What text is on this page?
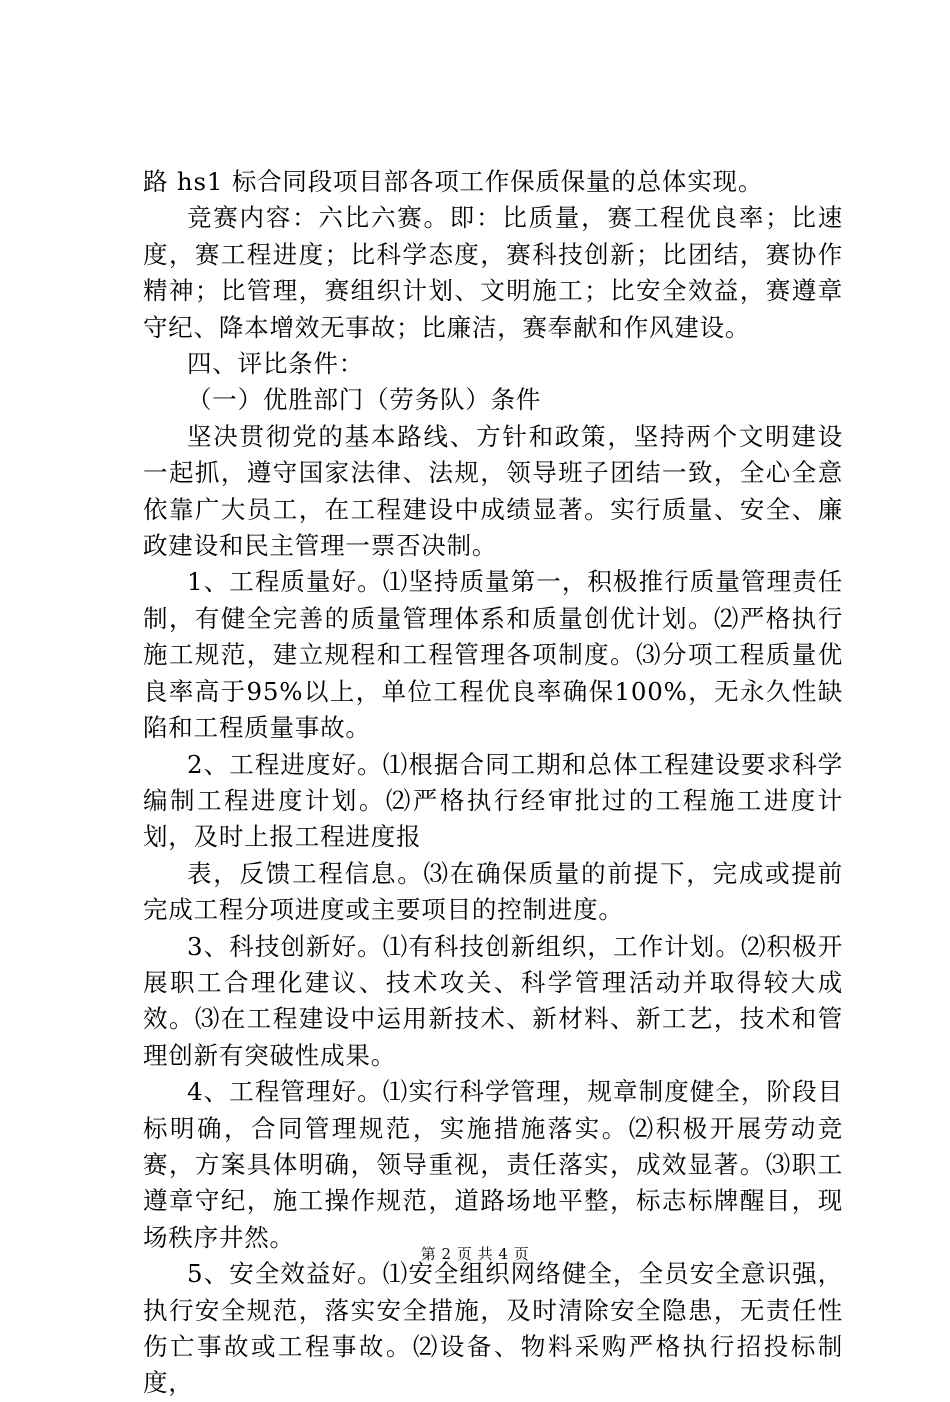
路 hs1 标合同段项目部各项工作保质保量的总体实现。

竞赛内容：六比六赛。即：比质量，赛工程优良率；比速度，赛工程进度；比科学态度，赛科技创新；比团结，赛协作精神；比管理，赛组织计划、文明施工；比安全效益，赛遵章守纪、降本增效无事故；比廉洁，赛奉献和作风建设。

四、评比条件：

（一）优胜部门（劳务队）条件

坚决贯彻党的基本路线、方针和政策，坚持两个文明建设一起抓，遵守国家法律、法规，领导班子团结一致，全心全意依靠广大员工，在工程建设中成绩显著。实行质量、安全、廉政建设和民主管理一票否决制。

1、工程质量好。⑴坚持质量第一，积极推行质量管理责任制，有健全完善的质量管理体系和质量创优计划。⑵严格执行施工规范，建立规程和工程管理各项制度。⑶分项工程质量优良率高于95%以上，单位工程优良率确保100%，无永久性缺陷和工程质量事故。

2、工程进度好。⑴根据合同工期和总体工程建设要求科学编制工程进度计划。⑵严格执行经审批过的工程施工进度计划，及时上报工程进度报

表，反馈工程信息。⑶在确保质量的前提下，完成或提前完成工程分项进度或主要项目的控制进度。

3、科技创新好。⑴有科技创新组织，工作计划。⑵积极开展职工合理化建议、技术攻关、科学管理活动并取得较大成效。⑶在工程建设中运用新技术、新材料、新工艺，技术和管理创新有突破性成果。

4、工程管理好。⑴实行科学管理，规章制度健全，阶段目标明确，合同管理规范，实施措施落实。⑵积极开展劳动竞赛，方案具体明确，领导重视，责任落实，成效显著。⑶职工遵章守纪，施工操作规范，道路场地平整，标志标牌醒目，现场秩序井然。

5、安全效益好。⑴安全组织网络健全，全员安全意识强，执行安全规范，落实安全措施，及时清除安全隐患，无责任性伤亡事故或工程事故。⑵设备、物料采购严格执行招投标制度，

第 2 页 共 4 页
